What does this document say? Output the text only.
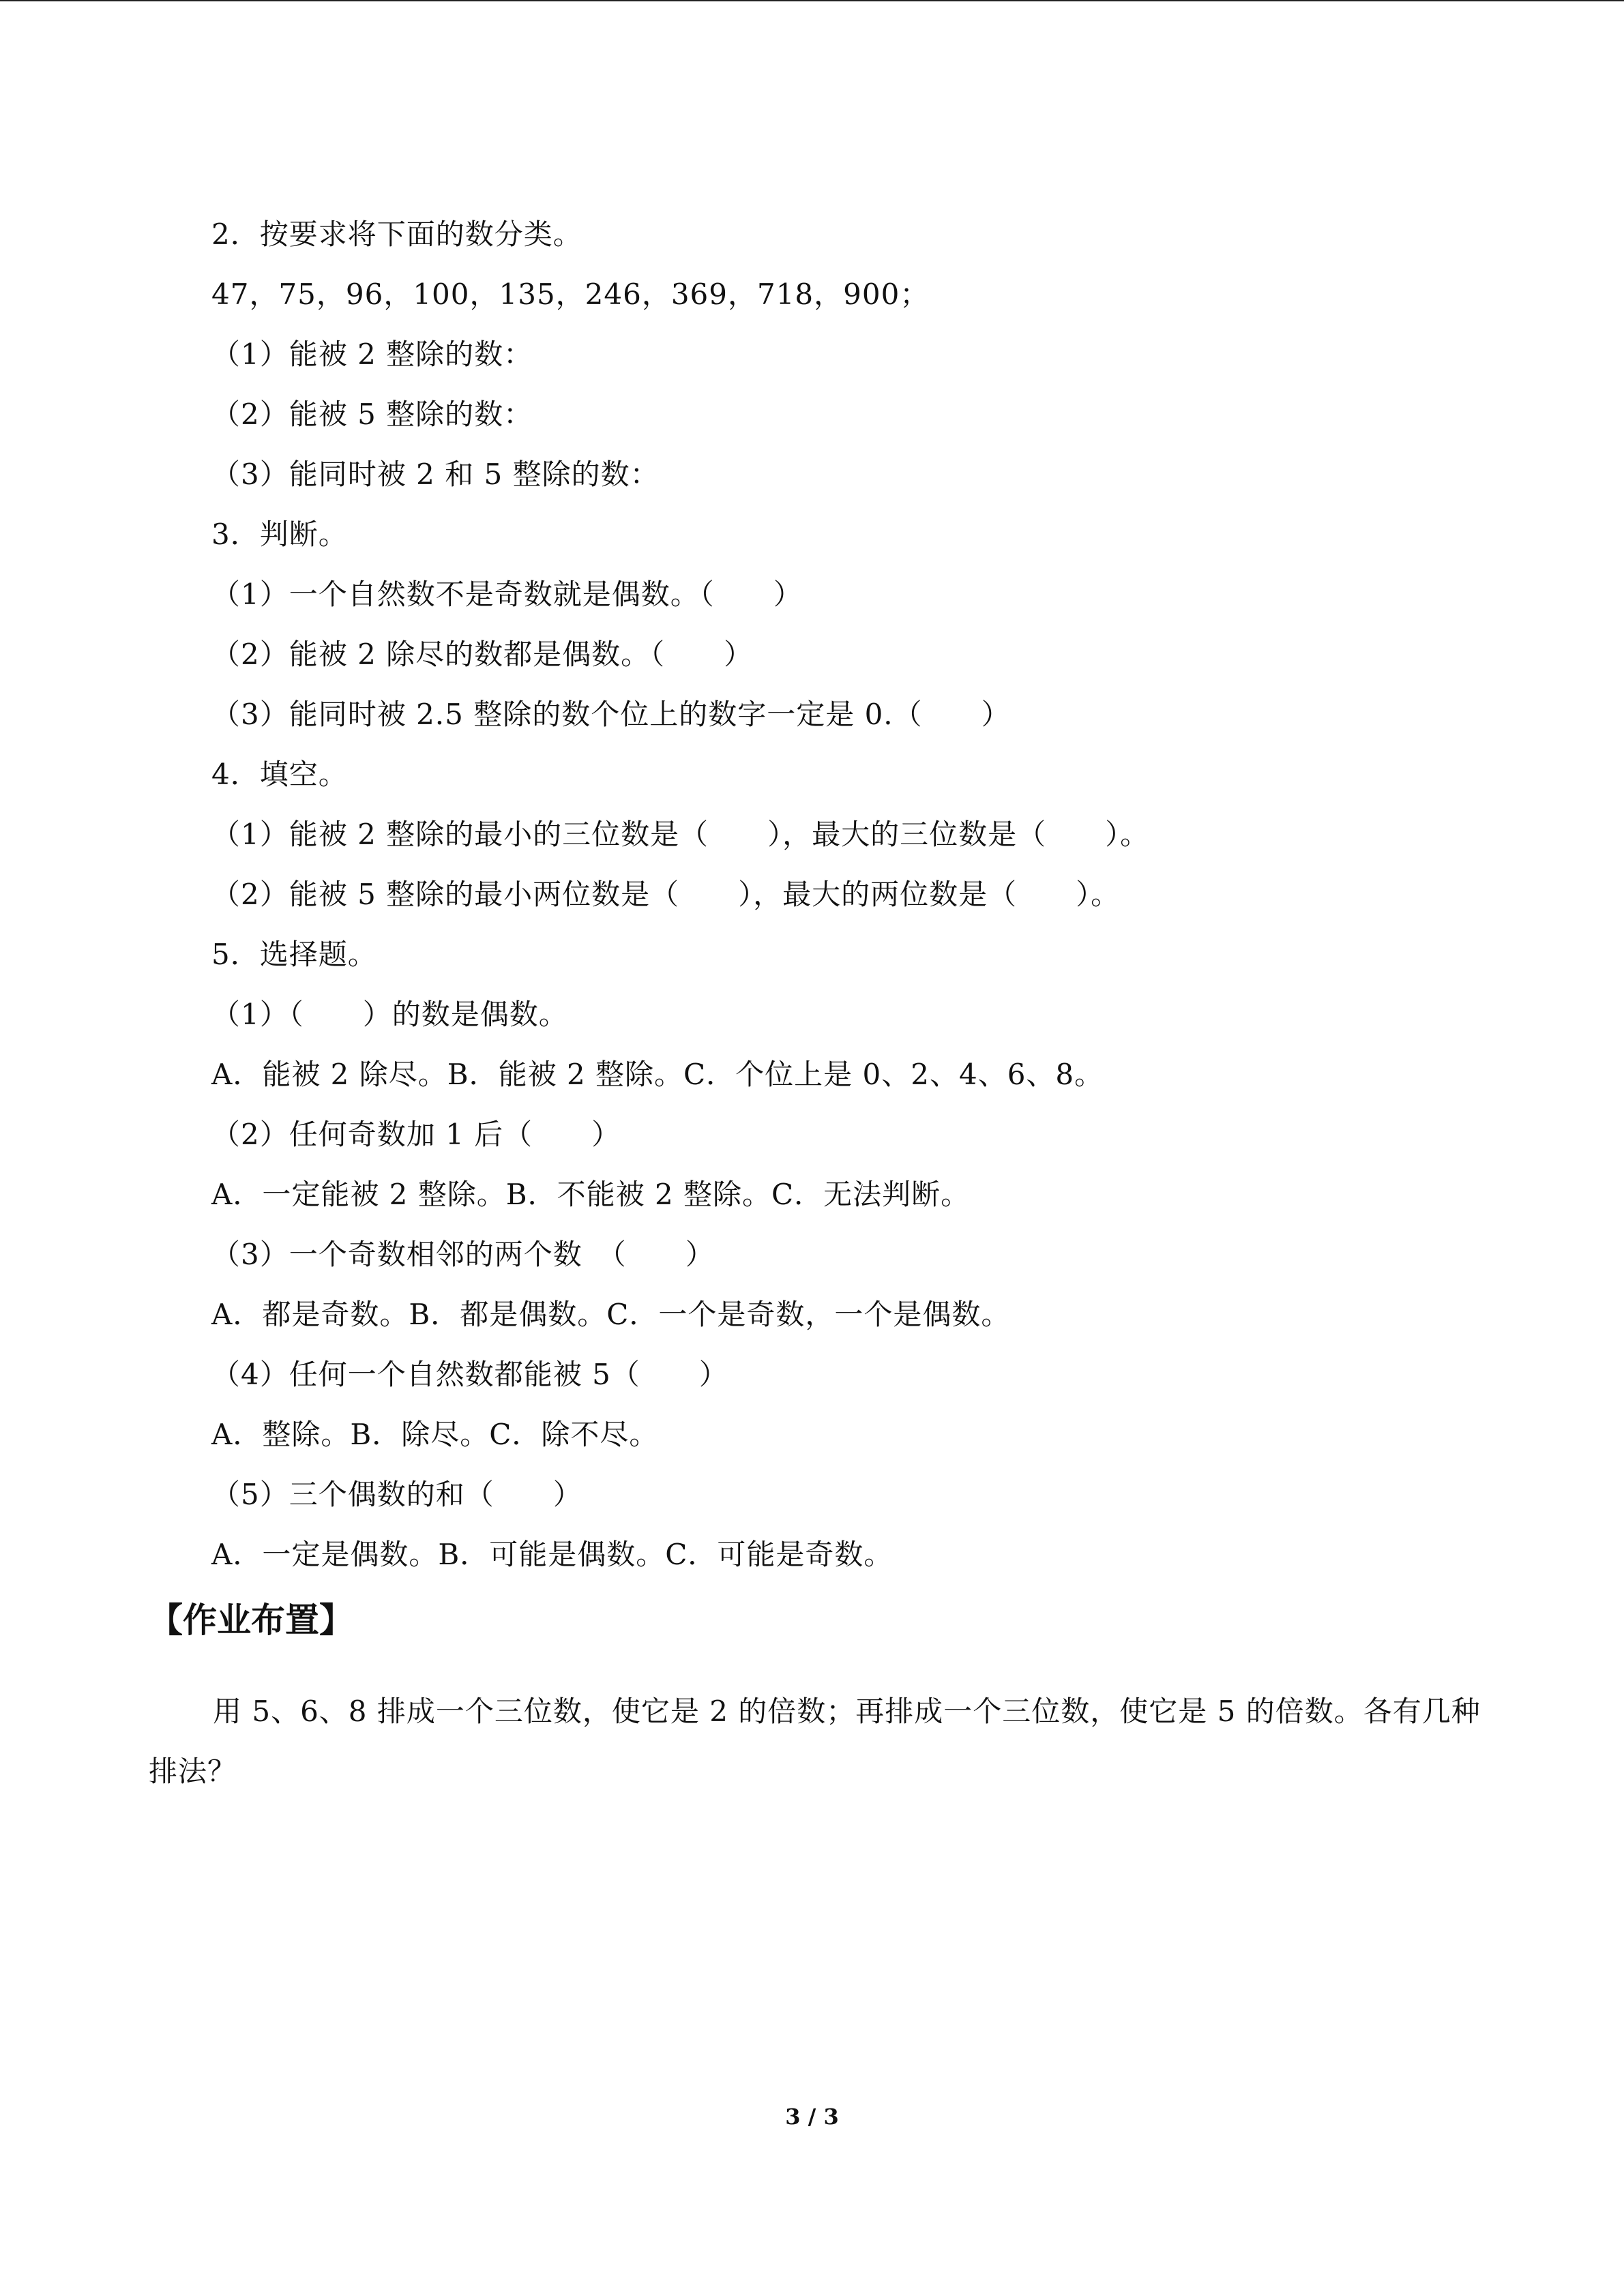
2．按要求将下面的数分类。
47，75，96，100，135，246，369，718，900；
（1）能被 2 整除的数：
（2）能被 5 整除的数：
（3）能同时被 2 和 5 整除的数：
3．判断。
（1）一个自然数不是奇数就是偶数。（　　）
（2）能被 2 除尽的数都是偶数。（　　）
（3）能同时被 2.5 整除的数个位上的数字一定是 0.（　　）
4．填空。
（1）能被 2 整除的最小的三位数是（　　），最大的三位数是（　　）。
（2）能被 5 整除的最小两位数是（　　），最大的两位数是（　　）。
5．选择题。
（1）（　　）的数是偶数。
A．能被 2 除尽。B．能被 2 整除。C．个位上是 0、2、4、6、8。
（2）任何奇数加 1 后（　　）
A．一定能被 2 整除。B．不能被 2 整除。C．无法判断。
（3）一个奇数相邻的两个数　（　　）
A．都是奇数。B．都是偶数。C．一个是奇数，一个是偶数。
（4）任何一个自然数都能被 5（　　）
A．整除。B．除尽。C．除不尽。
（5）三个偶数的和（　　）
A．一定是偶数。B．可能是偶数。C．可能是奇数。
【作业布置】
用 5、6、8 排成一个三位数，使它是 2 的倍数；再排成一个三位数，使它是 5 的倍数。各有几种排法？
3 / 3
